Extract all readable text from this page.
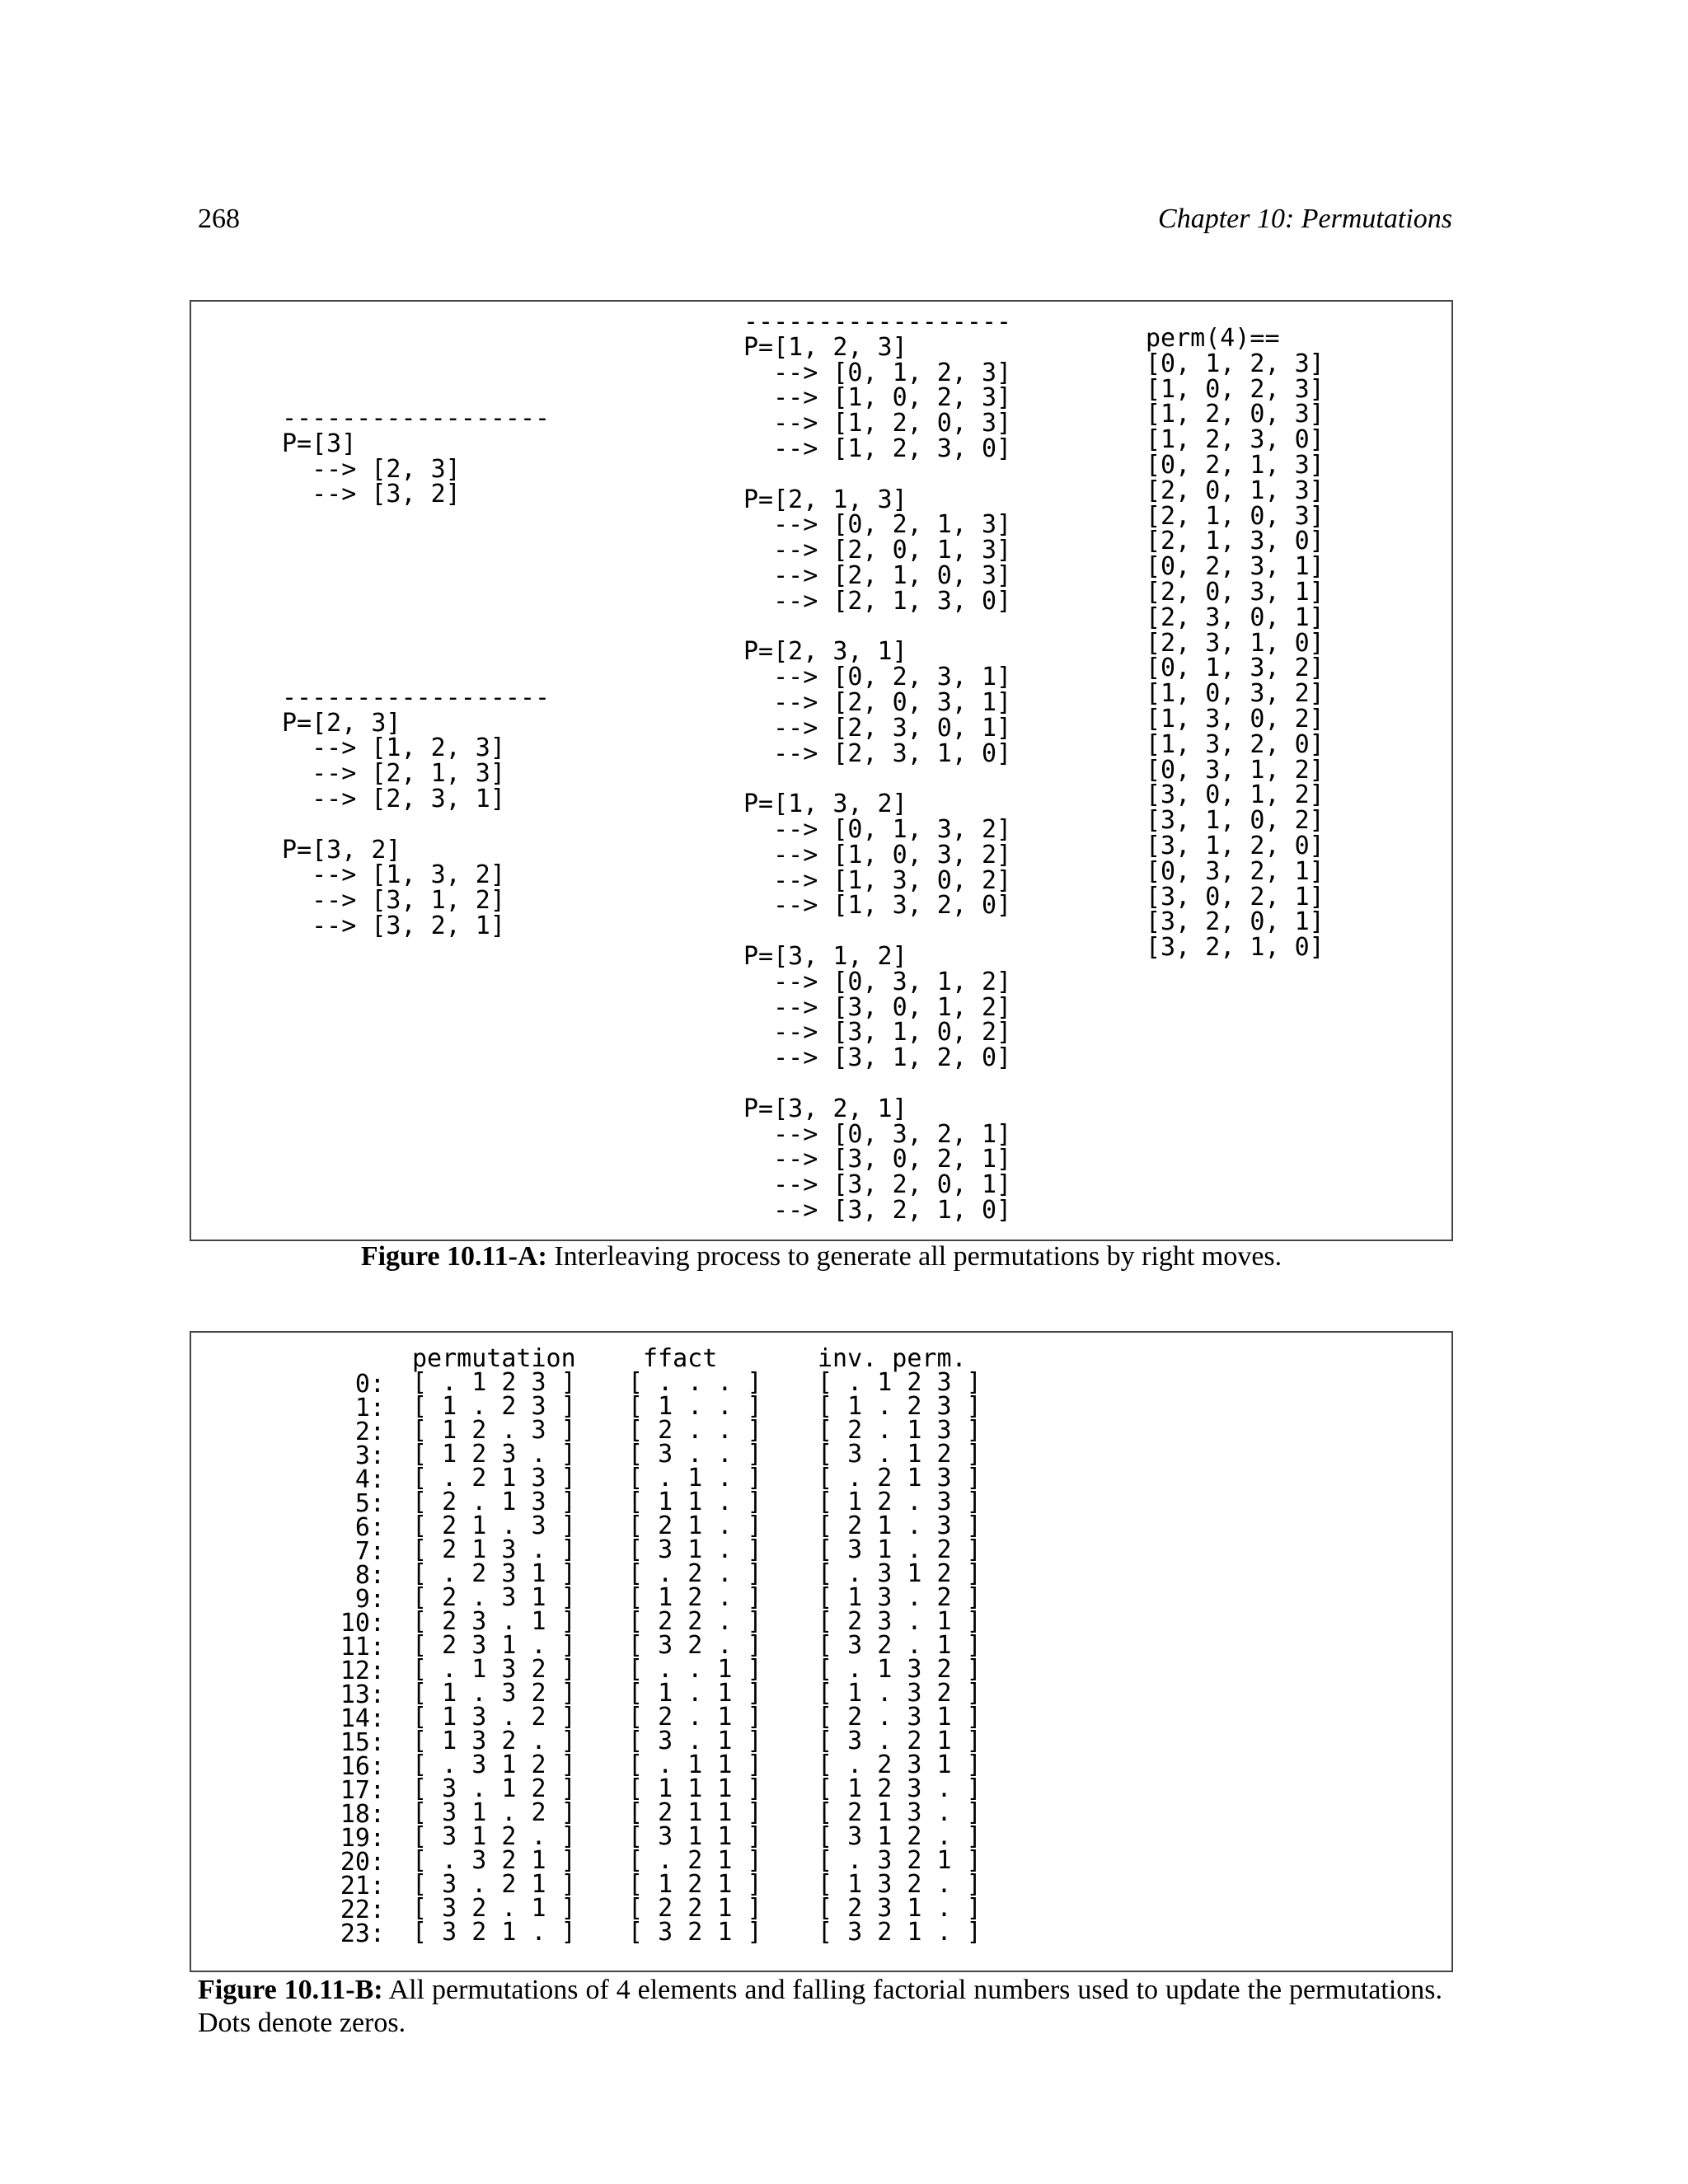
268	Chapter 10: Permutations
------------------
P=[3]
--> [2, 3]
--> [3, 2]

------------------
P=[2, 3]
--> [1, 2, 3]
--> [2, 1, 3]
--> [2, 3, 1]

P=[3, 2]
--> [1, 3, 2]
--> [3, 1, 2]
--> [3, 2, 1]
------------------
P=[1, 2, 3]
--> [0, 1, 2, 3]
--> [1, 0, 2, 3]
--> [1, 2, 0, 3]
--> [1, 2, 3, 0]

P=[2, 1, 3]
--> [0, 2, 1, 3]
--> [2, 0, 1, 3]
--> [2, 1, 0, 3]
--> [2, 1, 3, 0]

P=[2, 3, 1]
--> [0, 2, 3, 1]
--> [2, 0, 3, 1]
--> [2, 3, 0, 1]
--> [2, 3, 1, 0]

P=[1, 3, 2]
--> [0, 1, 3, 2]
--> [1, 0, 3, 2]
--> [1, 3, 0, 2]
--> [1, 3, 2, 0]

P=[3, 1, 2]
--> [0, 3, 1, 2]
--> [3, 0, 1, 2]
--> [3, 1, 0, 2]
--> [3, 1, 2, 0]

P=[3, 2, 1]
--> [0, 3, 2, 1]
--> [3, 0, 2, 1]
--> [3, 2, 0, 1]
--> [3, 2, 1, 0]
perm(4)==
[0, 1, 2, 3]
[1, 0, 2, 3]
[1, 2, 0, 3]
[1, 2, 3, 0]
[0, 2, 1, 3]
[2, 0, 1, 3]
[2, 1, 0, 3]
[2, 1, 3, 0]
[0, 2, 3, 1]
[2, 0, 3, 1]
[2, 3, 0, 1]
[2, 3, 1, 0]
[0, 1, 3, 2]
[1, 0, 3, 2]
[1, 3, 0, 2]
[1, 3, 2, 0]
[0, 3, 1, 2]
[3, 0, 1, 2]
[3, 1, 0, 2]
[3, 1, 2, 0]
[0, 3, 2, 1]
[3, 0, 2, 1]
[3, 2, 0, 1]
[3, 2, 1, 0]
Figure 10.11-A: Interleaving process to generate all permutations by right moves.
0:
1:
2:
3:
4:
5:
6:
7:
8:
9:
10:
11:
12:
13:
14:
15:
16:
17:
18:
19:
20:
21:
22:
23:
permutation
[ . 1 2 3 ]
[ 1 . 2 3 ]
[ 1 2 . 3 ]
[ 1 2 3 . ]
[ . 2 1 3 ]
[ 2 . 1 3 ]
[ 2 1 . 3 ]
[ 2 1 3 . ]
[ . 2 3 1 ]
[ 2 . 3 1 ]
[ 2 3 . 1 ]
[ 2 3 1 . ]
[ . 1 3 2 ]
[ 1 . 3 2 ]
[ 1 3 . 2 ]
[ 1 3 2 . ]
[ . 3 1 2 ]
[ 3 . 1 2 ]
[ 3 1 . 2 ]
[ 3 1 2 . ]
[ . 3 2 1 ]
[ 3 . 2 1 ]
[ 3 2 . 1 ]
[ 3 2 1 . ]
ffact
[ . . . ]
[ 1 . . ]
[ 2 . . ]
[ 3 . . ]
[ . 1 . ]
[ 1 1 . ]
[ 2 1 . ]
[ 3 1 . ]
[ . 2 . ]
[ 1 2 . ]
[ 2 2 . ]
[ 3 2 . ]
[ . . 1 ]
[ 1 . 1 ]
[ 2 . 1 ]
[ 3 . 1 ]
[ . 1 1 ]
[ 1 1 1 ]
[ 2 1 1 ]
[ 3 1 1 ]
[ . 2 1 ]
[ 1 2 1 ]
[ 2 2 1 ]
[ 3 2 1 ]
inv. perm.
[ . 1 2 3 ]
[ 1 . 2 3 ]
[ 2 . 1 3 ]
[ 3 . 1 2 ]
[ . 2 1 3 ]
[ 1 2 . 3 ]
[ 2 1 . 3 ]
[ 3 1 . 2 ]
[ . 3 1 2 ]
[ 1 3 . 2 ]
[ 2 3 . 1 ]
[ 3 2 . 1 ]
[ . 1 3 2 ]
[ 1 . 3 2 ]
[ 2 . 3 1 ]
[ 3 . 2 1 ]
[ . 2 3 1 ]
[ 1 2 3 . ]
[ 2 1 3 . ]
[ 3 1 2 . ]
[ . 3 2 1 ]
[ 1 3 2 . ]
[ 2 3 1 . ]
[ 3 2 1 . ]
Figure 10.11-B: All permutations of 4 elements and falling factorial numbers used to update the permutations. Dots denote zeros.
